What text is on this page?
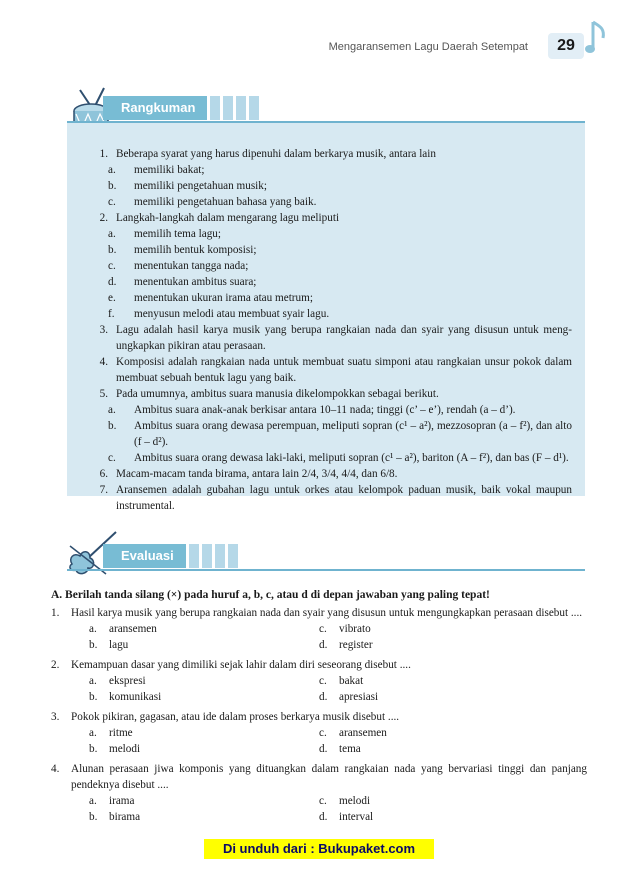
Mengaransemen Lagu Daerah Setempat	29
Rangkuman
1. Beberapa syarat yang harus dipenuhi dalam berkarya musik, antara lain
a.	memiliki bakat;
b.	memiliki pengetahuan musik;
c.	memiliki pengetahuan bahasa yang baik.
2. Langkah-langkah dalam mengarang lagu meliputi
a.	memilih tema lagu;
b.	memilih bentuk komposisi;
c.	menentukan tangga nada;
d.	menentukan ambitus suara;
e.	menentukan ukuran irama atau metrum;
f.	menyusun melodi atau membuat syair lagu.
3. Lagu adalah hasil karya musik yang berupa rangkaian nada dan syair yang disusun untuk meng-ungkapkan pikiran atau perasaan.
4. Komposisi adalah rangkaian nada untuk membuat suatu simponi atau rangkaian unsur pokok dalam membuat sebuah bentuk lagu yang baik.
5. Pada umumnya, ambitus suara manusia dikelompokkan sebagai berikut.
a.	Ambitus suara anak-anak berkisar antara 10–11 nada; tinggi (c’ – e’), rendah (a – d’).
b.	Ambitus suara orang dewasa perempuan, meliputi sopran (c¹ – a²), mezzosopran (a – f²), dan alto (f – d²).
c.	Ambitus suara orang dewasa laki-laki, meliputi sopran (c¹ – a²), bariton (A – f²), dan bas (F – d¹).
6. Macam-macam tanda birama, antara lain 2/4, 3/4, 4/4, dan 6/8.
7. Aransemen adalah gubahan lagu untuk orkes atau kelompok paduan musik, baik vokal maupun instrumental.
Evaluasi
A. Berilah tanda silang (×) pada huruf a, b, c, atau d di depan jawaban yang paling tepat!
1.	Hasil karya musik yang berupa rangkaian nada dan syair yang disusun untuk mengungkapkan perasaan disebut ....
a.	aransemen	c.	vibrato
b.	lagu	d.	register
2.	Kemampuan dasar yang dimiliki sejak lahir dalam diri seseorang disebut ....
a.	ekspresi	c.	bakat
b.	komunikasi	d.	apresiasi
3.	Pokok pikiran, gagasan, atau ide dalam proses berkarya musik disebut ....
a.	ritme	c.	aransemen
b.	melodi	d.	tema
4.	Alunan perasaan jiwa komponis yang dituangkan dalam rangkaian nada yang bervariasi tinggi dan panjang pendeknya disebut ....
a.	irama	c.	melodi
b.	birama	d.	interval
Di unduh dari : Bukupaket.com
